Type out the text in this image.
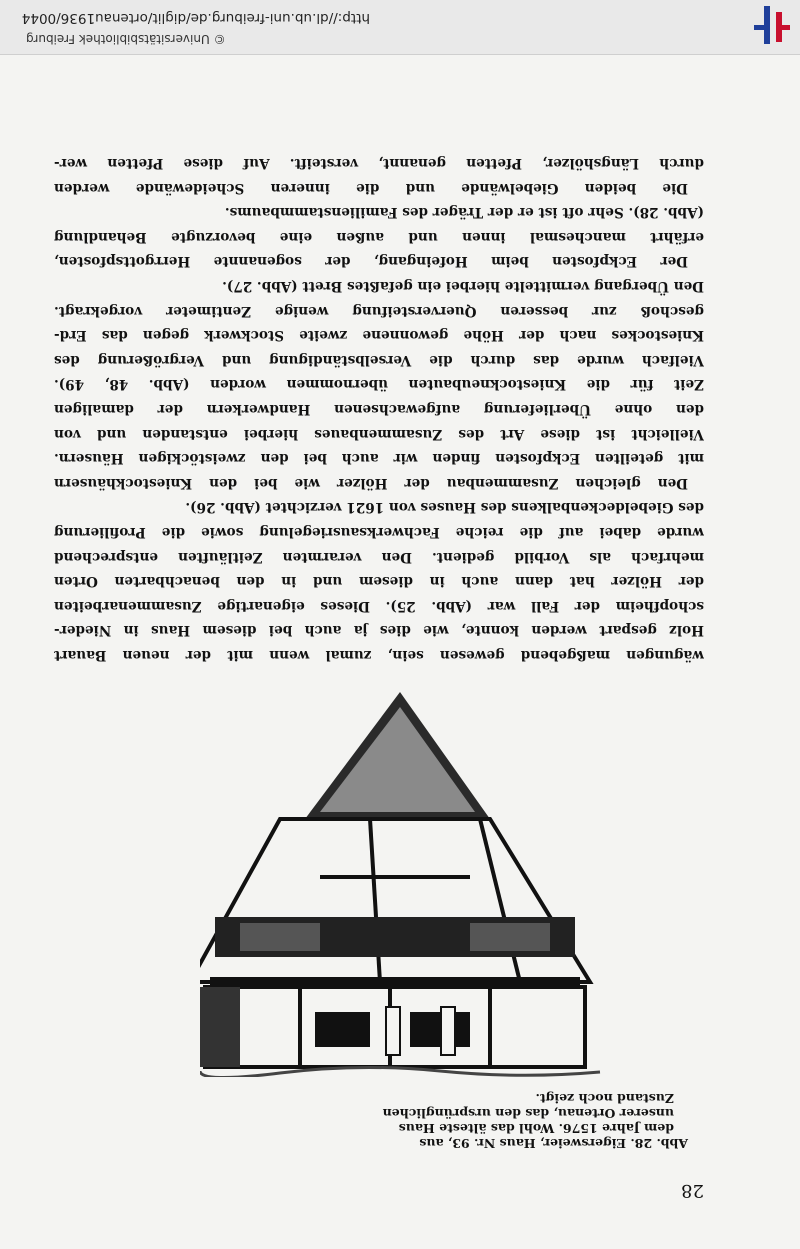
© Universitätsbibliothek Freiburg
http://dl.ub.uni-freiburg.de/diglit/ortenau1936/0044
28
Abb. 28. Eigersweier, Haus Nr. 93, aus
dem Jahre 1576. Wohl das älteste Haus
unserer Ortenau, das den ursprünglichen
Zustand noch zeigt.
wägungen maßgebend gewesen sein, zumal wenn mit der neuen Bauart
Holz gespart werden konnte, wie dies ja auch bei diesem Haus in Nieder-
schopfheim der Fall war (Abb. 25). Dieses eigenartige Zusammenarbeiten
der Hölzer hat dann auch in diesem und in den benachbarten Orten
mehrfach als Vorbild gedient. Den verarmten Zeitläuften entsprechend
wurde dabei auf die reiche Fachwerksausriegelung sowie die Profilierung
des Giebeldeckenbalkens des Hauses von 1621 verzichtet (Abb. 26).
Den gleichen Zusammenbau der Hölzer wie bei den Kniestockhäusern
mit geteilten Eckpfosten finden wir auch bei den zweistöckigen Häusern.
Vielleicht ist diese Art des Zusammenbaues hierbei entstanden und von
den ohne Überlieferung aufgewachsenen Handwerkern der damaligen
Zeit für die Kniestockneubauten übernommen worden (Abb. 48, 49).
Vielfach wurde das durch die Verselbständigung und Vergrößerung des
Kniestockes nach der Höhe gewonnene zweite Stockwerk gegen das Erd-
geschoß zur besseren Querversteifung wenige Zentimeter vorgekragt.
Den Übergang vermittelte hierbei ein gefaßtes Brett (Abb. 27).
Der Eckpfosten beim Hofeingang, der sogenannte Herrgottspfosten,
erfährt manchesmal innen und außen eine bevorzugte Behandlung
(Abb. 28). Sehr oft ist er der Träger des Familienstammbaums.
Die beiden Giebelwände und die inneren Scheidewände werden
durch Längshölzer, Pfetten genannt, versteift. Auf diese Pfetten wer-
